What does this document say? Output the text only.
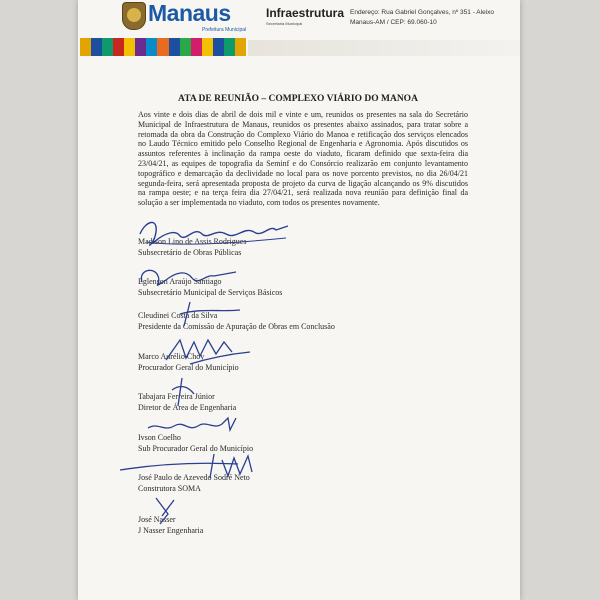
Manaus
Prefeitura Municipal
Infraestrutura
Secretaria Municipal
Endereço: Rua Gabriel Gonçalves, nº 351 - Aleixo
Manaus-AM / CEP: 69.060-10
ATA DE REUNIÃO – COMPLEXO VIÁRIO DO MANOA
Aos vinte e dois dias de abril de dois mil e vinte e um, reunidos os presentes na sala do Secretário Municipal de Infraestrutura de Manaus, reunidos os presentes abaixo assinados, para tratar sobre a retomada da obra da Construção do Complexo Viário do Manoa e retificação dos serviços elencados no Laudo Técnico emitido pelo Conselho Regional de Engenharia e Agronomia. Após discutidos os assuntos referentes à inclinação da rampa oeste do viaduto, ficaram definido que sexta-feira dia 23/04/21, as equipes de topografia da Seminf e do Consórcio realizarão em conjunto levantamento topográfico e demarcação da declividade no local para os nove porcento previstos, no dia 26/04/21 segunda-feira, será apresentada proposta de projeto da curva de ligação alcançando os 9% discutidos na rampa oeste; e na terça feira dia 27/04/21, será realizada nova reunião para definição final da solução a ser implementada no viaduto, com todos os presentes novamente.
Madison Lino de Assis Rodrigues
Subsecretário de Obras Públicas
Eglenson Araújo Santiago
Subsecretário Municipal de Serviços Básicos
Cleudinei Costa da Silva
Presidente da Comissão de Apuração de Obras em Conclusão
Marco Aurélio Choy
Procurador Geral do Município
Tabajara Ferreira Júnior
Diretor de Área de Engenharia
Ivson Coelho
Sub Procurador Geral do Município
José Paulo de Azevedo Sodré Neto
Construtora SOMA
José Nasser
J Nasser Engenharia
